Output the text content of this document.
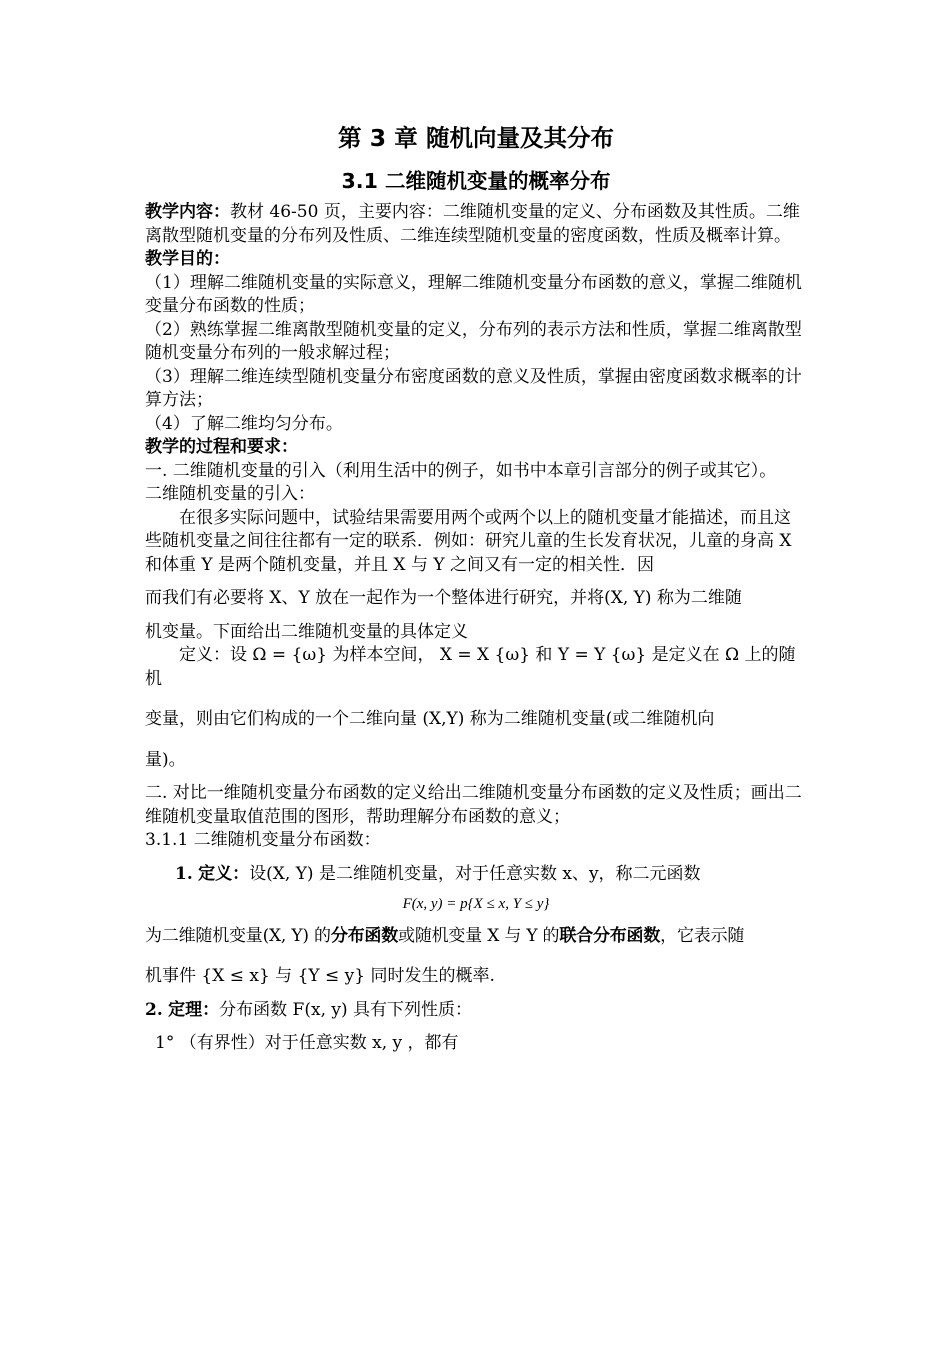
第 3 章 随机向量及其分布
3.1 二维随机变量的概率分布

教学内容：教材 46-50 页，主要内容：二维随机变量的定义、分布函数及其性质。二维离散型随机变量的分布列及性质、二维连续型随机变量的密度函数，性质及概率计算。

教学目的：

（1）理解二维随机变量的实际意义，理解二维随机变量分布函数的意义，掌握二维随机变量分布函数的性质；

（2）熟练掌握二维离散型随机变量的定义，分布列的表示方法和性质，掌握二维离散型随机变量分布列的一般求解过程；

（3）理解二维连续型随机变量分布密度函数的意义及性质，掌握由密度函数求概率的计算方法；

（4）了解二维均匀分布。

教学的过程和要求：

一. 二维随机变量的引入（利用生活中的例子，如书中本章引言部分的例子或其它）。

二维随机变量的引入：

在很多实际问题中，试验结果需要用两个或两个以上的随机变量才能描述，而且这些随机变量之间往往都有一定的联系．例如：研究儿童的生长发育状况，儿童的身高 X 和体重 Y 是两个随机变量，并且 X 与 Y 之间又有一定的相关性．因

而我们有必要将 X、Y 放在一起作为一个整体进行研究，并将(X, Y) 称为二维随

机变量。下面给出二维随机变量的具体定义

定义：设 Ω = {ω} 为样本空间， X = X {ω} 和 Y = Y {ω} 是定义在 Ω 上的随机

变量，则由它们构成的一个二维向量 (X,Y) 称为二维随机变量(或二维随机向

量)。

二. 对比一维随机变量分布函数的定义给出二维随机变量分布函数的定义及性质；画出二维随机变量取值范围的图形，帮助理解分布函数的意义；

3.1.1 二维随机变量分布函数：

1. 定义：设(X, Y) 是二维随机变量，对于任意实数 x、y，称二元函数

F(x, y) = p{X ≤ x, Y ≤ y}

为二维随机变量(X, Y) 的分布函数或随机变量 X 与 Y 的联合分布函数，它表示随

机事件 {X ≤ x} 与 {Y ≤ y} 同时发生的概率.

2. 定理：分布函数 F(x, y) 具有下列性质：

1° （有界性）对于任意实数 x, y ，都有
